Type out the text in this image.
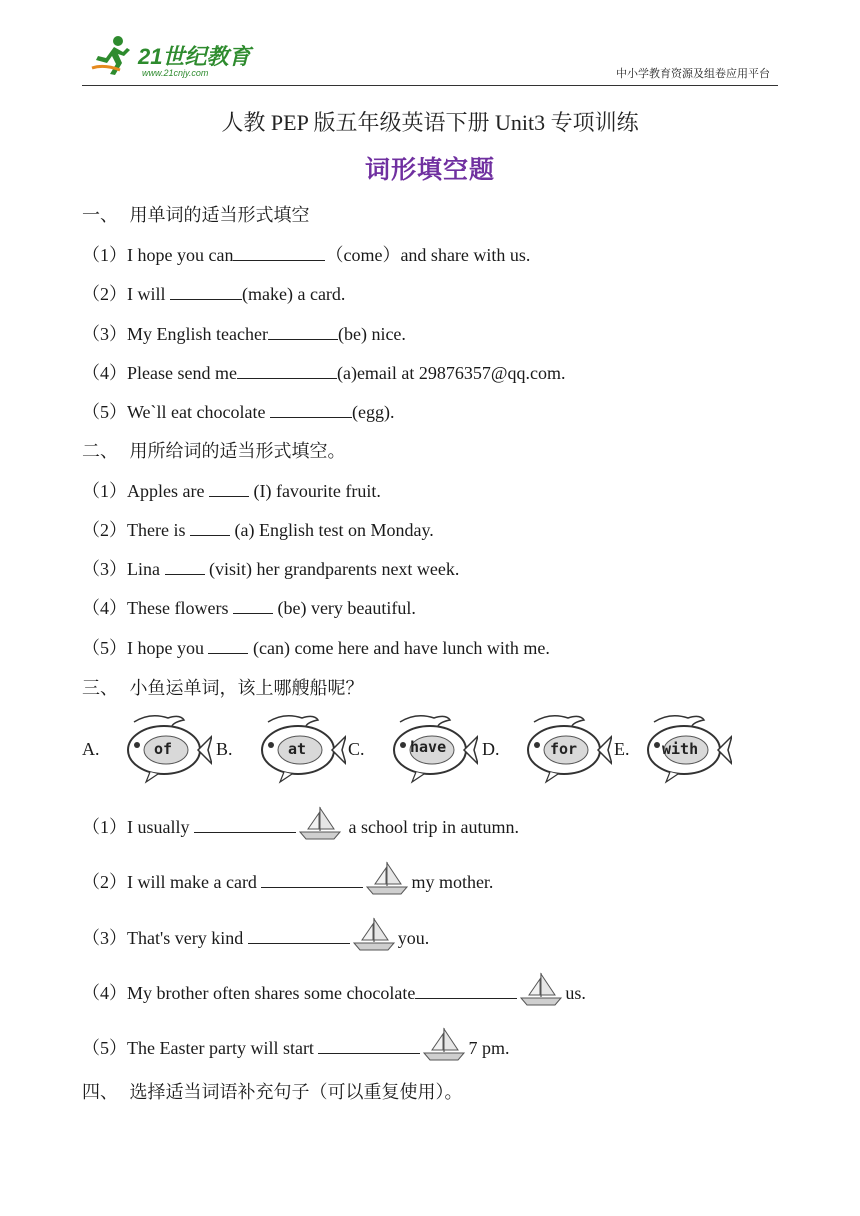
21世纪教育
www.21cnjy.com	中小学教育资源及组卷应用平台
人教 PEP 版五年级英语下册 Unit3 专项训练
词形填空题
一、  用单词的适当形式填空
（1）I hope you can	（come）and share with us.
（2）I will	(make) a card.
（3）My English teacher	(be) nice.
（4）Please send me	(a)email at 29876357@qq.com.
（5）We`ll eat chocolate	(egg).
二、  用所给词的适当形式填空。
（1）Apples are  (I) favourite fruit.
（2）There is  (a) English test on Monday.
（3）Lina  (visit) her grandparents next week.
（4）These flowers  (be) very beautiful.
（5）I hope you  (can) come here and have lunch with me.
三、  小鱼运单词，该上哪艘船呢？
A.	of B.	at C.	have D.	for E. with
（1）I usually	a school trip in autumn.
（2）I will make a card	my mother.
（3）That's very kind	you.
（4）My brother often shares some chocolate	us.
（5）The Easter party will start	7 pm.
四、  选择适当词语补充句子（可以重复使用）。
